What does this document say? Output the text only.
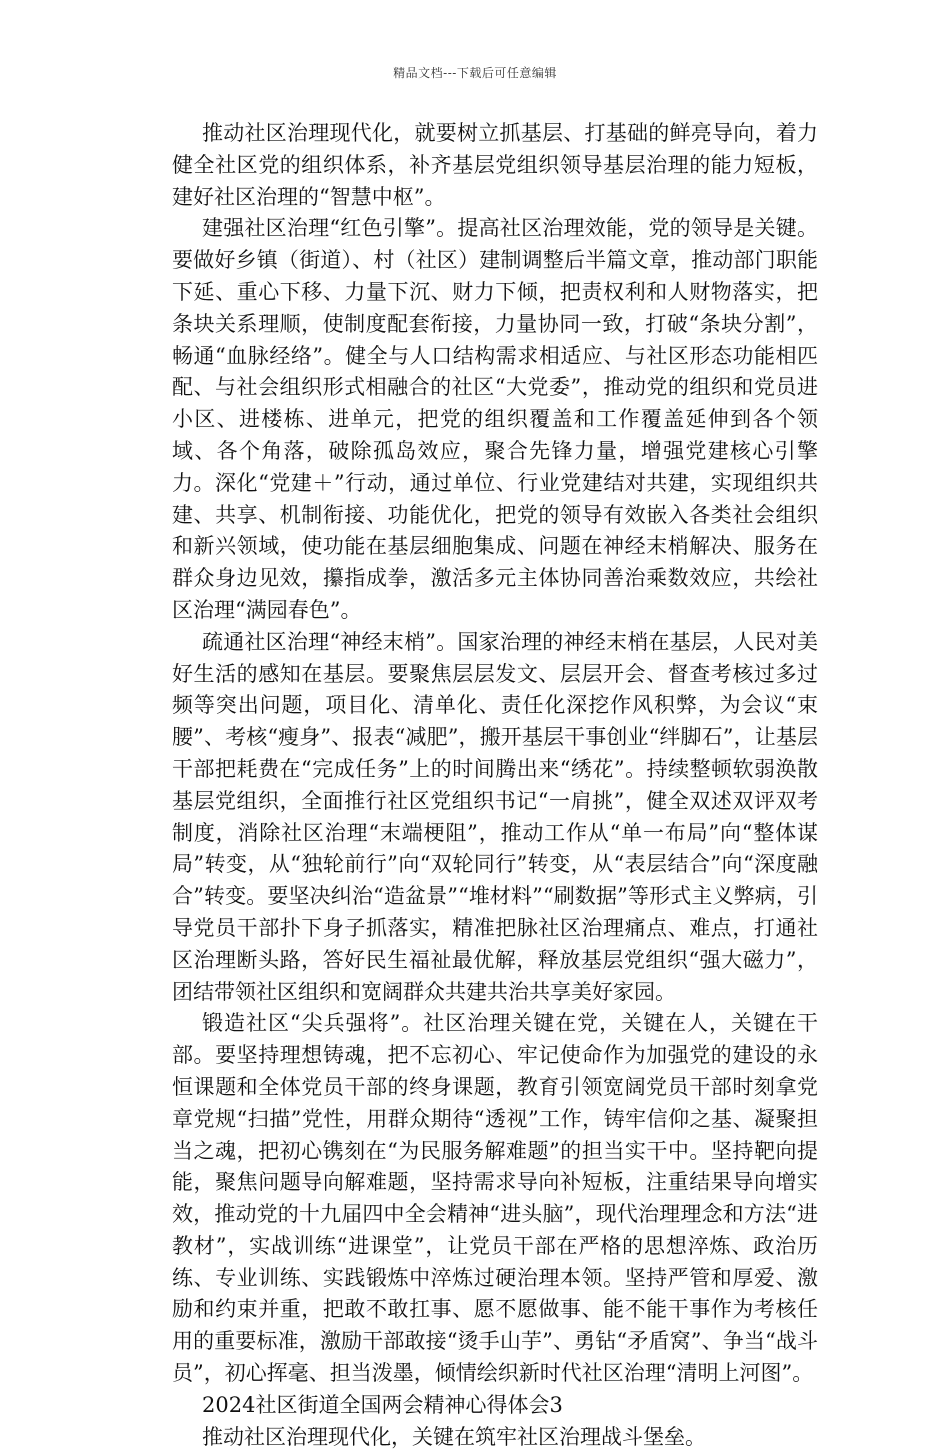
精品文档---下载后可任意编辑

推动社区治理现代化，就要树立抓基层、打基础的鲜亮导向，着力健全社区党的组织体系，补齐基层党组织领导基层治理的能力短板，建好社区治理的“智慧中枢”。

建强社区治理“红色引擎”。提高社区治理效能，党的领导是关键。要做好乡镇（街道）、村（社区）建制调整后半篇文章，推动部门职能下延、重心下移、力量下沉、财力下倾，把责权利和人财物落实，把条块关系理顺，使制度配套衔接，力量协同一致，打破“条块分割”，畅通“血脉经络”。健全与人口结构需求相适应、与社区形态功能相匹配、与社会组织形式相融合的社区“大党委”，推动党的组织和党员进小区、进楼栋、进单元，把党的组织覆盖和工作覆盖延伸到各个领域、各个角落，破除孤岛效应，聚合先锋力量，增强党建核心引擎力。深化“党建＋”行动，通过单位、行业党建结对共建，实现组织共建、共享、机制衔接、功能优化，把党的领导有效嵌入各类社会组织和新兴领域，使功能在基层细胞集成、问题在神经末梢解决、服务在群众身边见效，攥指成拳，激活多元主体协同善治乘数效应，共绘社区治理“满园春色”。

疏通社区治理“神经末梢”。国家治理的神经末梢在基层，人民对美好生活的感知在基层。要聚焦层层发文、层层开会、督查考核过多过频等突出问题，项目化、清单化、责任化深挖作风积弊，为会议“束腰”、考核“瘦身”、报表“减肥”，搬开基层干事创业“绊脚石”，让基层干部把耗费在“完成任务”上的时间腾出来“绣花”。持续整顿软弱涣散基层党组织，全面推行社区党组织书记“一肩挑”，健全双述双评双考制度，消除社区治理“末端梗阻”，推动工作从“单一布局”向“整体谋局”转变，从“独轮前行”向“双轮同行”转变，从“表层结合”向“深度融合”转变。要坚决纠治“造盆景”“堆材料”“刷数据”等形式主义弊病，引导党员干部扑下身子抓落实，精准把脉社区治理痛点、难点，打通社区治理断头路，答好民生福祉最优解，释放基层党组织“强大磁力”，团结带领社区组织和宽阔群众共建共治共享美好家园。

锻造社区“尖兵强将”。社区治理关键在党，关键在人，关键在干部。要坚持理想铸魂，把不忘初心、牢记使命作为加强党的建设的永恒课题和全体党员干部的终身课题，教育引领宽阔党员干部时刻拿党章党规“扫描”党性，用群众期待“透视”工作，铸牢信仰之基、凝聚担当之魂，把初心镌刻在“为民服务解难题”的担当实干中。坚持靶向提能，聚焦问题导向解难题，坚持需求导向补短板，注重结果导向增实效，推动党的十九届四中全会精神“进头脑”，现代治理理念和方法“进教材”，实战训练“进课堂”，让党员干部在严格的思想淬炼、政治历练、专业训练、实践锻炼中淬炼过硬治理本领。坚持严管和厚爱、激励和约束并重，把敢不敢扛事、愿不愿做事、能不能干事作为考核任用的重要标准，激励干部敢接“烫手山芋”、勇钻“矛盾窝”、争当“战斗员”，初心挥毫、担当泼墨，倾情绘织新时代社区治理“清明上河图”。

2024社区街道全国两会精神心得体会3

推动社区治理现代化，关键在筑牢社区治理战斗堡垒。
